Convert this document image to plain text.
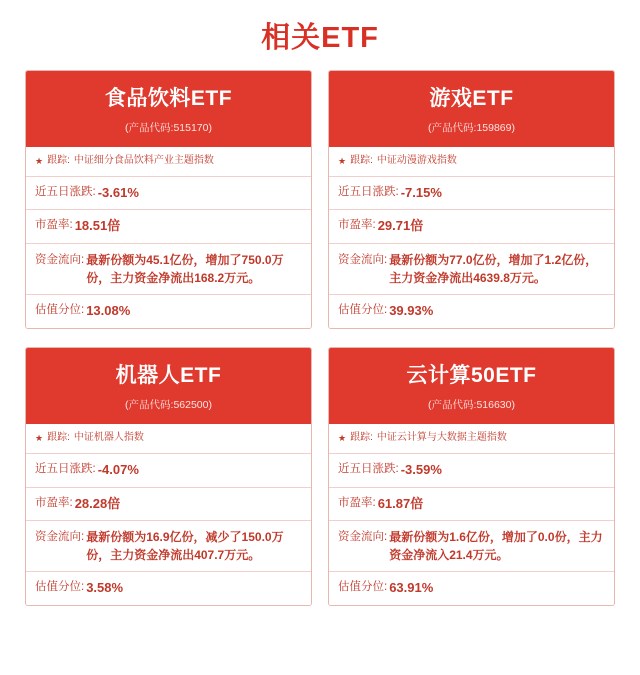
相关ETF
食品饮料ETF
(产品代码:515170)
★ 跟踪: 中证细分食品饮料产业主题指数
近五日涨跌: -3.61%
市盈率: 18.51倍
资金流向: 最新份额为45.1亿份，增加了750.0万份，主力资金净流出168.2万元。
估值分位: 13.08%
游戏ETF
(产品代码:159869)
★ 跟踪: 中证动漫游戏指数
近五日涨跌: -7.15%
市盈率: 29.71倍
资金流向: 最新份额为77.0亿份，增加了1.2亿份，主力资金净流出4639.8万元。
估值分位: 39.93%
机器人ETF
(产品代码:562500)
★ 跟踪: 中证机器人指数
近五日涨跌: -4.07%
市盈率: 28.28倍
资金流向: 最新份额为16.9亿份，减少了150.0万份，主力资金净流出407.7万元。
估值分位: 3.58%
云计算50ETF
(产品代码:516630)
★ 跟踪: 中证云计算与大数据主题指数
近五日涨跌: -3.59%
市盈率: 61.87倍
资金流向: 最新份额为1.6亿份，增加了0.0份，主力资金净流入21.4万元。
估值分位: 63.91%
